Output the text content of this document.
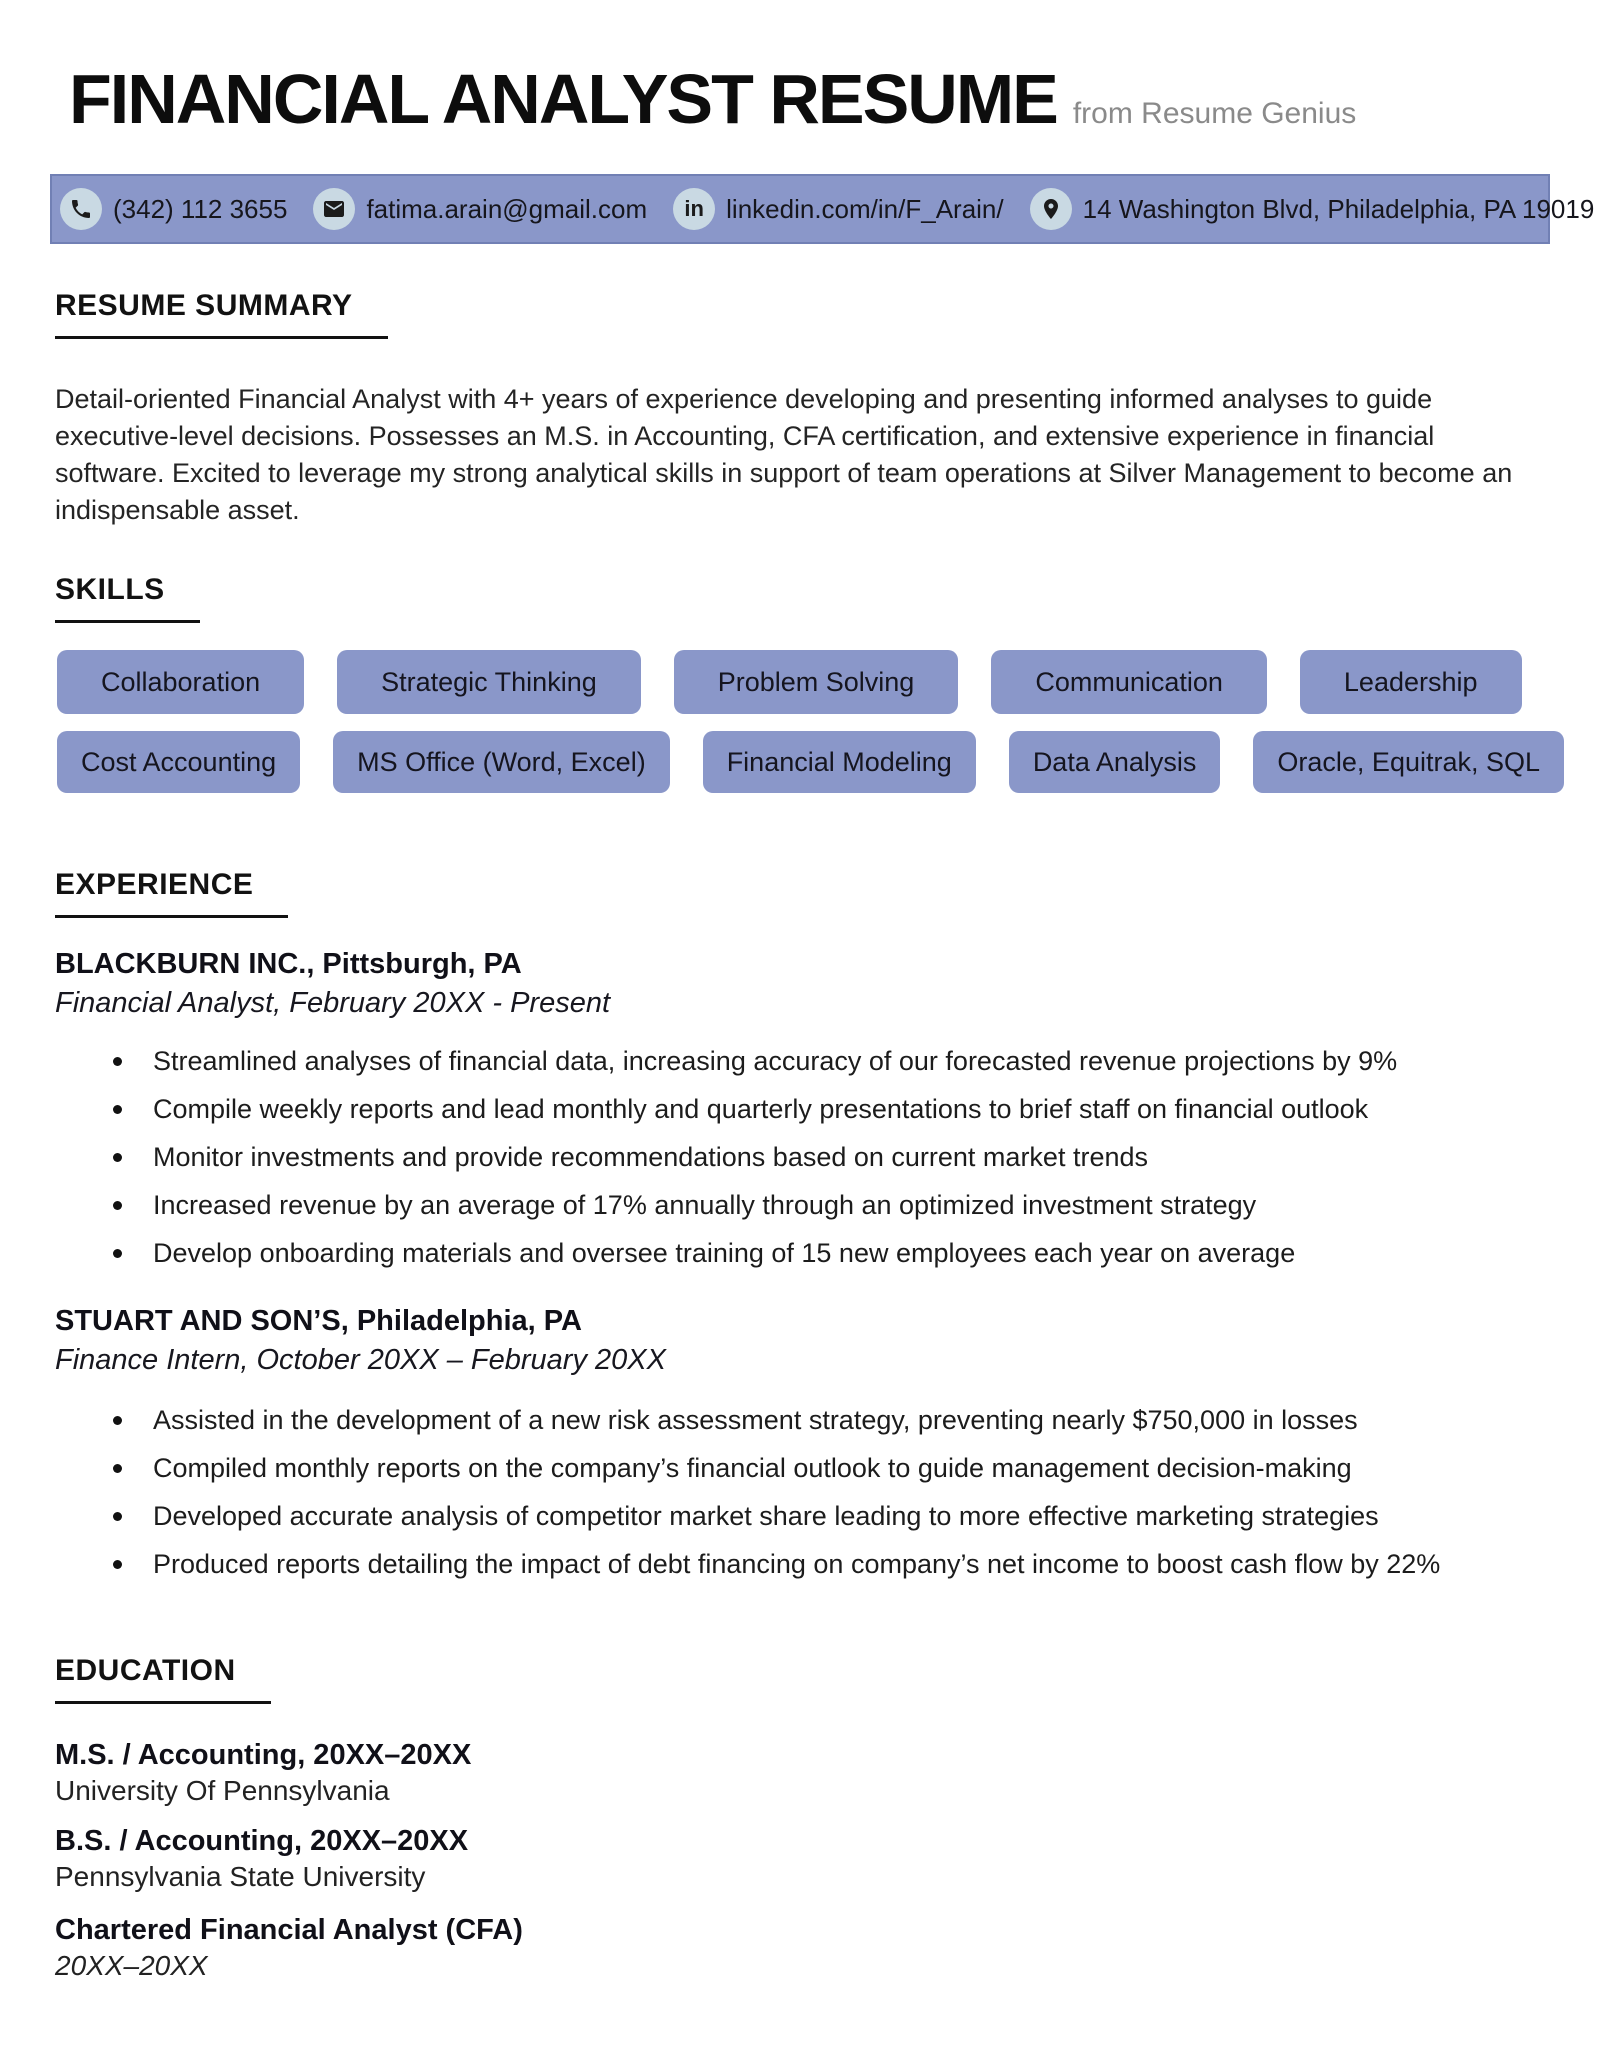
FINANCIAL ANALYST RESUME from Resume Genius
(342) 112 3655	fatima.arain@gmail.com in linkedin.com/in/F_Arain/	14 Washington Blvd, Philadelphia, PA 19019
RESUME SUMMARY

Detail-oriented Financial Analyst with 4+ years of experience developing and presenting informed analyses to guide executive-level decisions. Possesses an M.S. in Accounting, CFA certification, and extensive experience in financial software. Excited to leverage my strong analytical skills in support of team operations at Silver Management to become an indispensable asset.

SKILLS
Collaboration	Strategic Thinking	Problem Solving	Communication	Leadership
Cost Accounting	MS Office (Word, Excel)	Financial Modeling	Data Analysis	Oracle, Equitrak, SQL
EXPERIENCE
BLACKBURN INC., Pittsburgh, PA
Financial Analyst, February 20XX - Present
Streamlined analyses of financial data, increasing accuracy of our forecasted revenue projections by 9%
Compile weekly reports and lead monthly and quarterly presentations to brief staff on financial outlook
Monitor investments and provide recommendations based on current market trends
Increased revenue by an average of 17% annually through an optimized investment strategy
Develop onboarding materials and oversee training of 15 new employees each year on average
STUART AND SON’S, Philadelphia, PA
Finance Intern, October 20XX – February 20XX
Assisted in the development of a new risk assessment strategy, preventing nearly $750,000 in losses
Compiled monthly reports on the company’s financial outlook to guide management decision-making
Developed accurate analysis of competitor market share leading to more effective marketing strategies
Produced reports detailing the impact of debt financing on company’s net income to boost cash flow by 22%
EDUCATION
M.S. / Accounting, 20XX–20XX
University Of Pennsylvania
B.S. / Accounting, 20XX–20XX
Pennsylvania State University
Chartered Financial Analyst (CFA)
20XX–20XX
